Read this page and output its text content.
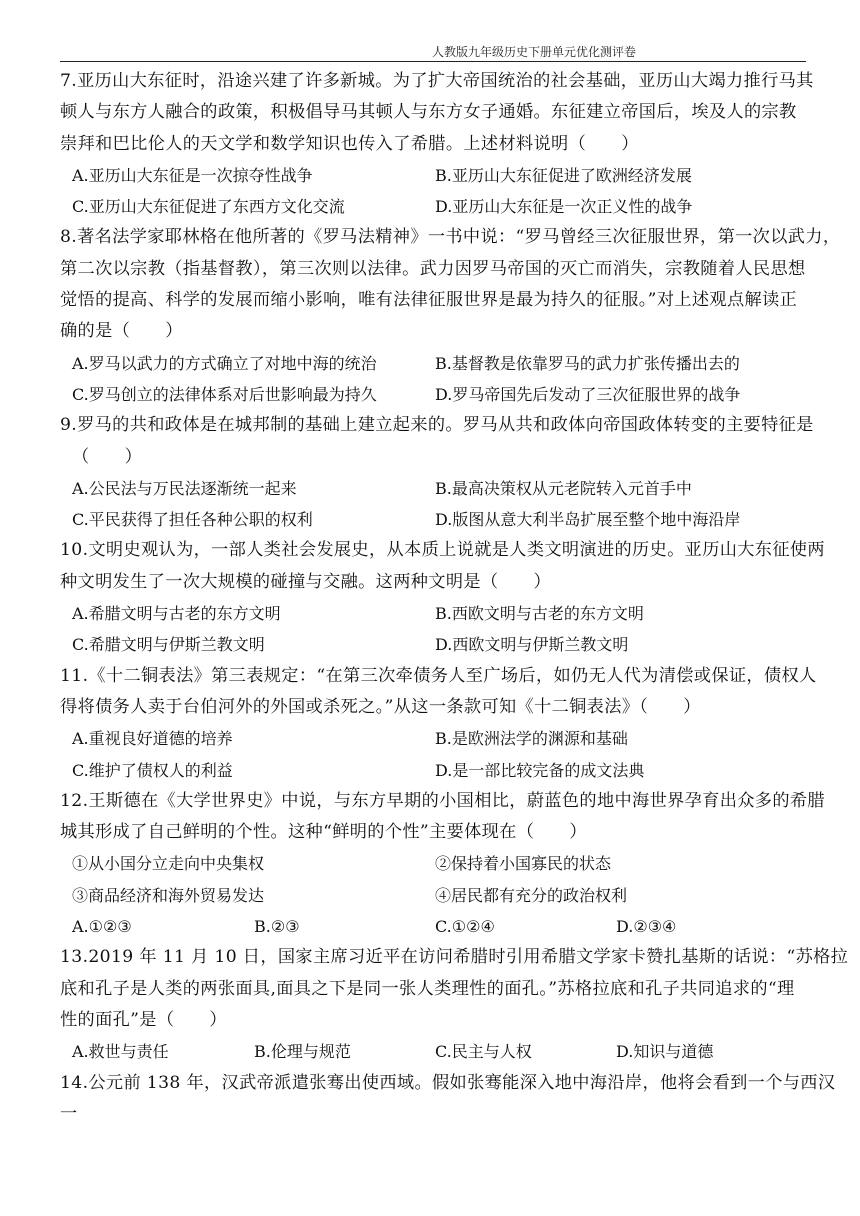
人教版九年级历史下册单元优化测评卷
7.亚历山大东征时，沿途兴建了许多新城。为了扩大帝国统治的社会基础，亚历山大竭力推行马其
顿人与东方人融合的政策，积极倡导马其顿人与东方女子通婚。东征建立帝国后，埃及人的宗教
崇拜和巴比伦人的天文学和数学知识也传入了希腊。上述材料说明（　　）
A.亚历山大东征是一次掠夺性战争	B.亚历山大东征促进了欧洲经济发展
C.亚历山大东征促进了东西方文化交流	D.亚历山大东征是一次正义性的战争
8.著名法学家耶林格在他所著的《罗马法精神》一书中说：“罗马曾经三次征服世界，第一次以武力，
第二次以宗教（指基督教），第三次则以法律。武力因罗马帝国的灭亡而消失，宗教随着人民思想
觉悟的提高、科学的发展而缩小影响，唯有法律征服世界是最为持久的征服。”对上述观点解读正
确的是（　　）
A.罗马以武力的方式确立了对地中海的统治	B.基督教是依靠罗马的武力扩张传播出去的
C.罗马创立的法律体系对后世影响最为持久	D.罗马帝国先后发动了三次征服世界的战争
9.罗马的共和政体是在城邦制的基础上建立起来的。罗马从共和政体向帝国政体转变的主要特征是
（　　）
A.公民法与万民法逐渐统一起来	B.最高决策权从元老院转入元首手中
C.平民获得了担任各种公职的权利	D.版图从意大利半岛扩展至整个地中海沿岸
10.文明史观认为，一部人类社会发展史，从本质上说就是人类文明演进的历史。亚历山大东征使两
种文明发生了一次大规模的碰撞与交融。这两种文明是（　　）
A.希腊文明与古老的东方文明	B.西欧文明与古老的东方文明
C.希腊文明与伊斯兰教文明	D.西欧文明与伊斯兰教文明
11.《十二铜表法》第三表规定：“在第三次牵债务人至广场后，如仍无人代为清偿或保证，债权人
得将债务人卖于台伯河外的外国或杀死之。”从这一条款可知《十二铜表法》（　　）
A.重视良好道德的培养	B.是欧洲法学的渊源和基础
C.维护了债权人的利益	D.是一部比较完备的成文法典
12.王斯德在《大学世界史》中说，与东方早期的小国相比，蔚蓝色的地中海世界孕育出众多的希腊
城其形成了自己鲜明的个性。这种“鲜明的个性”主要体现在（　　）
①从小国分立走向中央集权	②保持着小国寡民的状态
③商品经济和海外贸易发达	④居民都有充分的政治权利
A.①②③	B.②③	C.①②④	D.②③④
13.2019 年 11 月 10 日，国家主席习近平在访问希腊时引用希腊文学家卡赞扎基斯的话说：“苏格拉
底和孔子是人类的两张面具,面具之下是同一张人类理性的面孔。”苏格拉底和孔子共同追求的“理
性的面孔”是（　　）
A.救世与责任	B.伦理与规范	C.民主与人权	D.知识与道德
14.公元前 138 年，汉武帝派遣张骞出使西域。假如张骞能深入地中海沿岸，他将会看到一个与西汉
一
